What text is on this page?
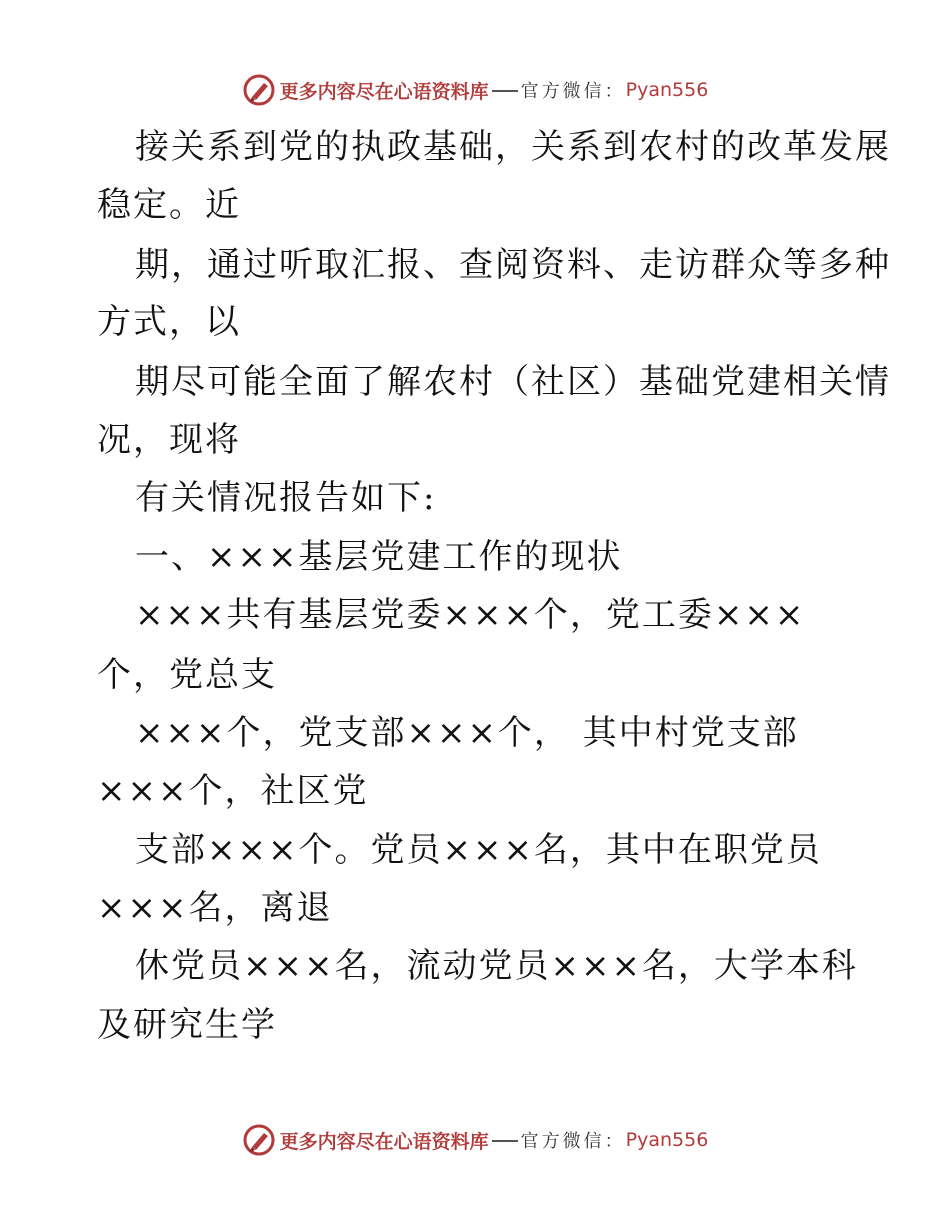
更多内容尽在心语资料库 官方微信： Pyan556
接关系到党的执政基础，关系到农村的改革发展
稳定。近
期，通过听取汇报、查阅资料、走访群众等多种
方式，以
期尽可能全面了解农村（社区）基础党建相关情
况，现将
有关情况报告如下:
一、×××基层党建工作的现状
×××共有基层党委×××个，党工委×××
个，党总支
×××个，党支部×××个， 其中村党支部
×××个，社区党
支部×××个。党员×××名，其中在职党员
×××名，离退
休党员×××名，流动党员×××名，大学本科
及研究生学
更多内容尽在心语资料库 官方微信： Pyan556
